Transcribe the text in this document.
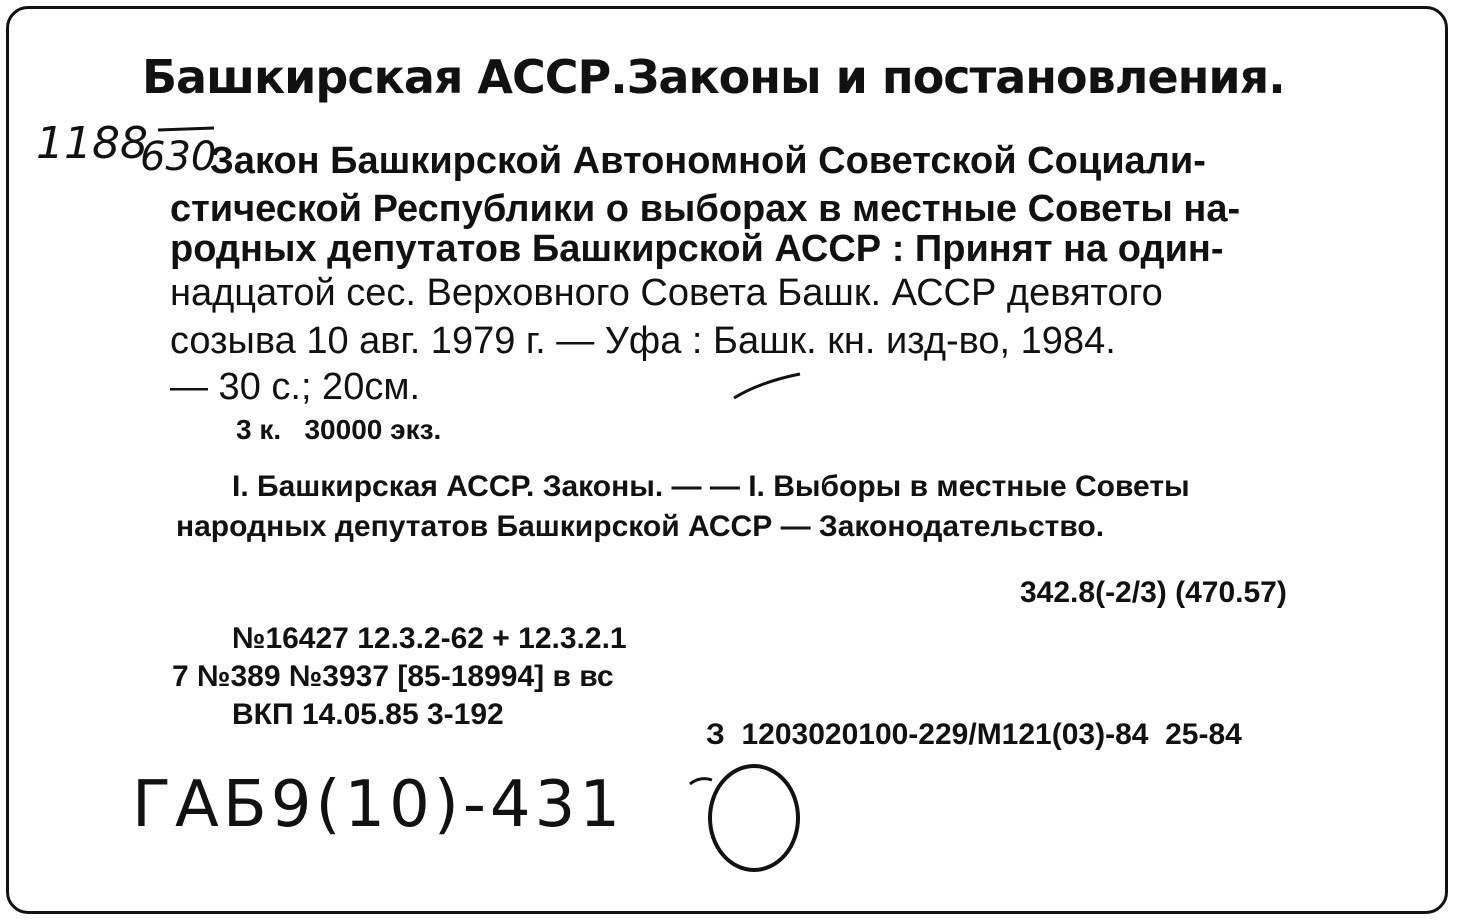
Башкирская АССР.Законы и постановления.
1188
630
Закон Башкирской Автономной Советской Социали-
стической Республики о выборах в местные Советы на-
родных депутатов Башкирской АССР : Принят на один-
надцатой сес. Верховного Совета Башк. АССР девятого
созыва 10 авг. 1979 г. — Уфа : Башк. кн. изд-во, 1984.
— 30 с.; 20см.
3 к.   30000 экз.
I. Башкирская АССР. Законы. — — I. Выборы в местные Советы
народных депутатов Башкирской АССР — Законодательство.
342.8(-2/3) (470.57)
№16427 12.3.2-62 + 12.3.2.1
7 №389 №3937 [85-18994] в вс
ВКП 14.05.85 3-192
З  1203020100-229/М121(03)-84  25-84
ГАБ9(10)-431
